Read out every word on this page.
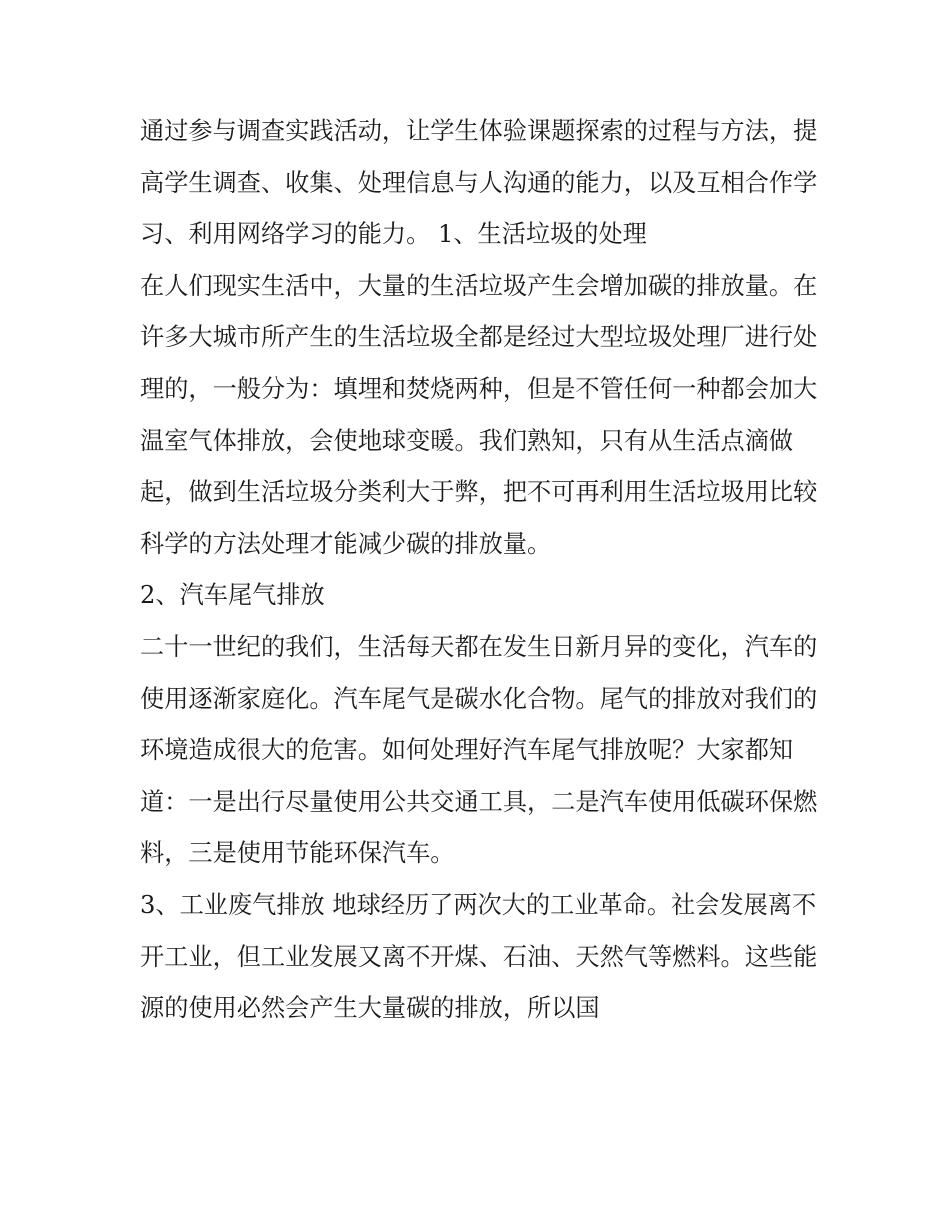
通过参与调查实践活动，让学生体验课题探索的过程与方法，提高学生调查、收集、处理信息与人沟通的能力，以及互相合作学习、利用网络学习的能力。 1、生活垃圾的处理

在人们现实生活中，大量的生活垃圾产生会增加碳的排放量。在许多大城市所产生的生活垃圾全都是经过大型垃圾处理厂进行处理的，一般分为：填埋和焚烧两种，但是不管任何一种都会加大温室气体排放，会使地球变暖。我们熟知，只有从生活点滴做起，做到生活垃圾分类利大于弊，把不可再利用生活垃圾用比较科学的方法处理才能减少碳的排放量。

2、汽车尾气排放

二十一世纪的我们，生活每天都在发生日新月异的变化，汽车的使用逐渐家庭化。汽车尾气是碳水化合物。尾气的排放对我们的环境造成很大的危害。如何处理好汽车尾气排放呢？大家都知道：一是出行尽量使用公共交通工具，二是汽车使用低碳环保燃料，三是使用节能环保汽车。

3、工业废气排放 地球经历了两次大的工业革命。社会发展离不开工业，但工业发展又离不开煤、石油、天然气等燃料。这些能源的使用必然会产生大量碳的排放，所以国
